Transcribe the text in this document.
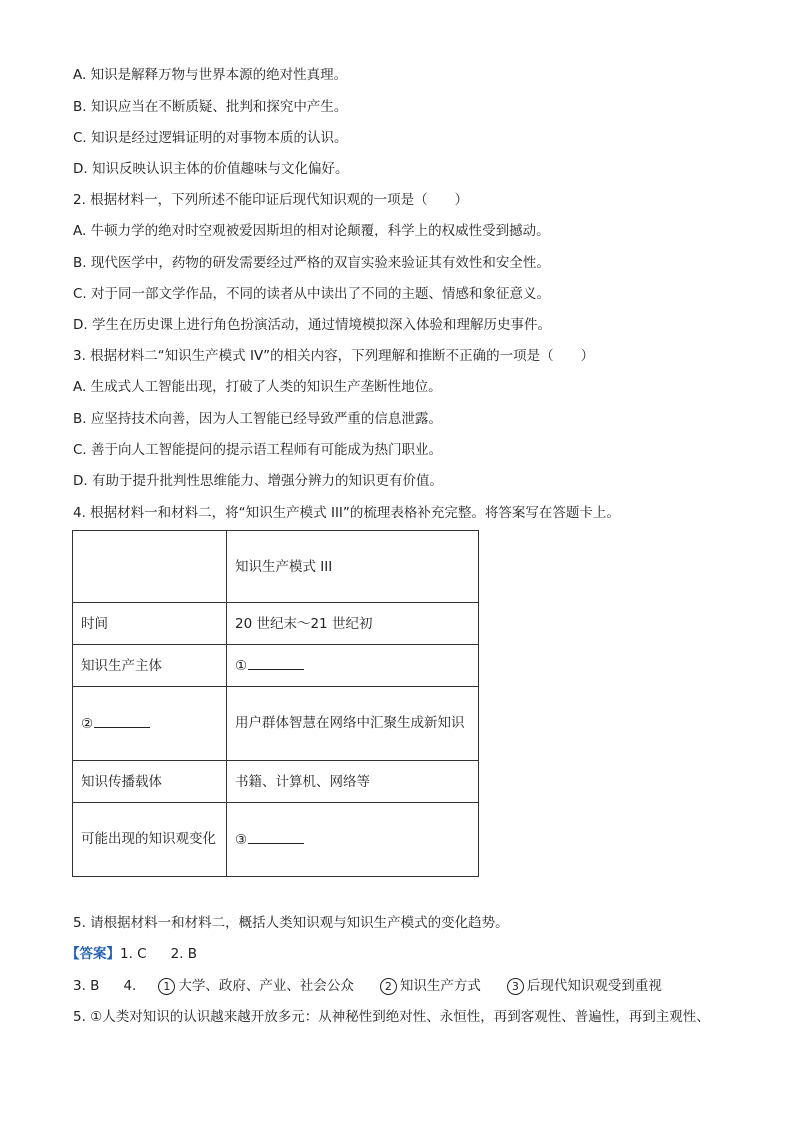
A. 知识是解释万物与世界本源的绝对性真理。
B. 知识应当在不断质疑、批判和探究中产生。
C. 知识是经过逻辑证明的对事物本质的认识。
D. 知识反映认识主体的价值趣味与文化偏好。
2. 根据材料一，下列所述不能印证后现代知识观的一项是（　　）
A. 牛顿力学的绝对时空观被爱因斯坦的相对论颠覆，科学上的权威性受到撼动。
B. 现代医学中，药物的研发需要经过严格的双盲实验来验证其有效性和安全性。
C. 对于同一部文学作品，不同的读者从中读出了不同的主题、情感和象征意义。
D. 学生在历史课上进行角色扮演活动，通过情境模拟深入体验和理解历史事件。
3. 根据材料二“知识生产模式 IV”的相关内容，下列理解和推断不正确的一项是（　　）
A. 生成式人工智能出现，打破了人类的知识生产垄断性地位。
B. 应坚持技术向善，因为人工智能已经导致严重的信息泄露。
C. 善于向人工智能提问的提示语工程师有可能成为热门职业。
D. 有助于提升批判性思维能力、增强分辨力的知识更有价值。
4. 根据材料一和材料二，将“知识生产模式 III”的梳理表格补充完整。将答案写在答题卡上。
	知识生产模式 III
时间	20 世纪末～21 世纪初
知识生产主体	①
②	用户群体智慧在网络中汇聚生成新知识
知识传播载体	书籍、计算机、网络等
可能出现的知识观变化	③
5. 请根据材料一和材料二，概括人类知识观与知识生产模式的变化趋势。
【答案】1. C 2. B
3. B 4. 1 大学、政府、产业、社会公众	2 知识生产方式	3 后现代知识观受到重视
5. ①人类对知识的认识越来越开放多元：从神秘性到绝对性、永恒性，再到客观性、普遍性，再到主观性、
